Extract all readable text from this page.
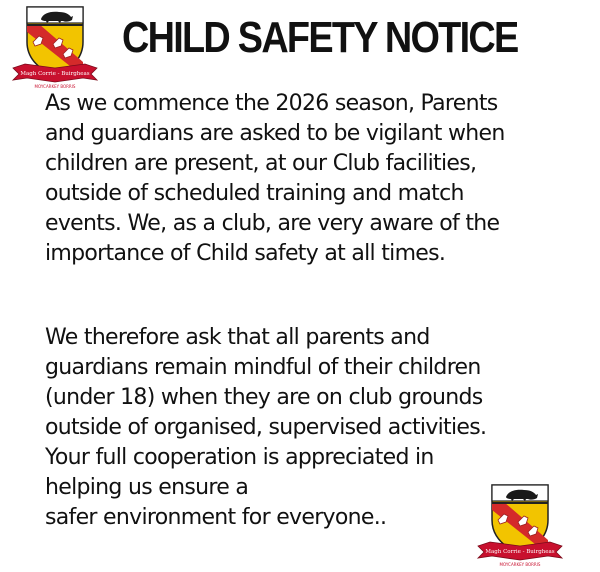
Magh Corrie - Buirgheas
MOYCARKEY BORRIS
CHILD SAFETY NOTICE
As we commence the 2026 season, Parents
and guardians are asked to be vigilant when
children are present, at our Club facilities,
outside of scheduled training and match
events. We, as a club, are very aware of the
importance of Child safety at all times.
We therefore ask that all parents and
guardians remain mindful of their children
(under 18) when they are on club grounds
outside of organised, supervised activities.
Your full cooperation is appreciated in
helping us ensure a
safer environment for everyone..
Magh Corrie - Buirgheas
MOYCARKEY BORRIS
